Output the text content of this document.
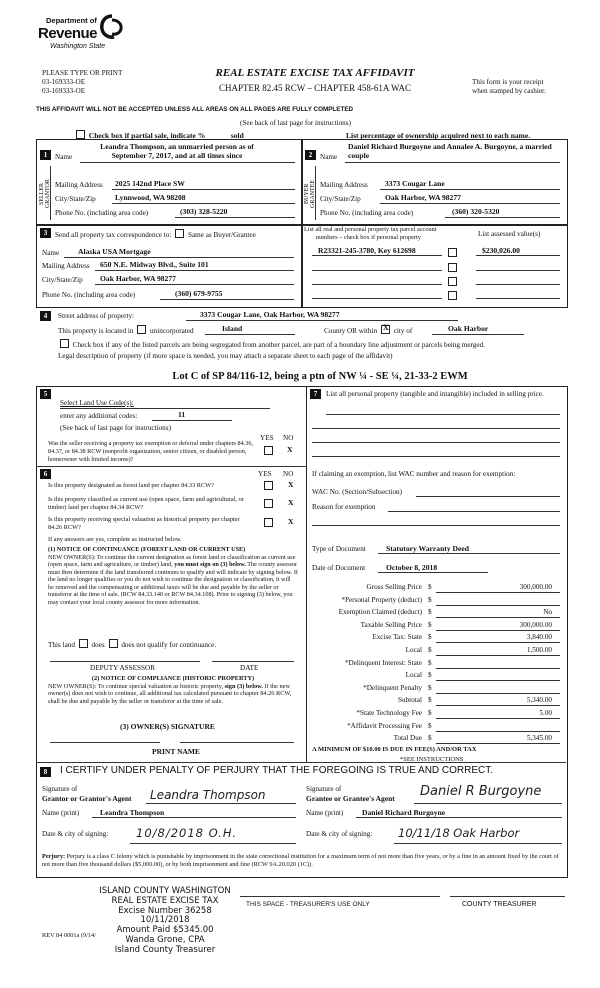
Department of
Revenue
Washington State
PLEASE TYPE OR PRINT
03-169333-OE
03-169333-OE
REAL ESTATE EXCISE TAX AFFIDAVIT
CHAPTER 82.45 RCW – CHAPTER 458-61A WAC
This form is your receipt
when stamped by cashier.
THIS AFFIDAVIT WILL NOT BE ACCEPTED UNLESS ALL AREAS ON ALL PAGES ARE FULLY COMPLETED
(See back of last page for instructions)
Check box if partial sale, indicate %	sold	List percentage of ownership acquired next to each name.
1	Name
Leandra Thompson, an unmarried person as of September 7, 2017, and at all times since
SELLER GRANTOR Mailing Address 2025 142nd Place SW
City/State/Zip	Lynnwood, WA 98208
Phone No. (including area code)	(303) 328-5220
2	Name
Daniel Richard Burgoyne and Annalee A. Burgoyne, a married couple
BUYER GRANTEE Mailing Address 3373 Cougar Lane
City/State/Zip	Oak Harbor, WA 98277
Phone No. (including area code)	(360) 320-5320
3	Send all property tax correspondence to: Same as Buyer/Grantee
Name Alaska USA Mortgage
Mailing Address 650 N.E. Midway Blvd., Suite 101
City/State/Zip Oak Harbor, WA 98277
Phone No. (including area code)	(360) 679-9755
List all real and personal property tax parcel account
numbers – check box if personal property	List assessed value(s)
R23321-245-3780, Key 612698	$230,026.00
4	Street address of property:	3373 Cougar Lane, Oak Harbor, WA 98277
This property is located in unincorporated	Island	County OR within X city of	Oak Harbor
Check box if any of the listed parcels are being segregated from another parcel, are part of a boundary line adjustment or parcels being merged.
Legal description of property (if more space is needed, you may attach a separate sheet to each page of the affidavit)
Lot C of SP 84/116-12, being a ptn of NW ¼ - SE ¼, 21-33-2 EWM
5
Select Land Use Code(s):
enter any additional codes:	11
(See back of last page for instructions)
YES NO
Was the seller receiving a property tax exemption or deferral under chapters 84.36, 84.37, or 84.38 RCW (nonprofit organization, senior citizen, or disabled person, homeowner with limited income)?
X
6	YES NO
Is this property designated as forest land per chapter 84.33 RCW?	X
Is this property classified as current use (open space, farm and agricultural, or timber) land per chapter 84.34 RCW?
X
Is this property receiving special valuation as historical property per chapter 84.26 RCW?
X
If any answers are yes, complete as instructed below.
(1) NOTICE OF CONTINUANCE (FOREST LAND OR CURRENT USE)
NEW OWNER(S): To continue the current designation as forest land or classification as current use (open space, farm and agriculture, or timber) land, you must sign on (3) below. The county assessor must then determine if the land transferred continues to qualify and will indicate by signing below. If the land no longer qualifies or you do not wish to continue the designation or classification, it will be removed and the compensating or additional taxes will be due and payable by the seller or transferor at the time of sale. (RCW 84.33.140 or RCW 84.34.108). Prior to signing (3) below, you may contact your local county assessor for more information.
This land does does not qualify for continuance.
DEPUTY ASSESSOR	DATE
(2) NOTICE OF COMPLIANCE (HISTORIC PROPERTY)
NEW OWNER(S): To continue special valuation as historic property, sign (3) below. If the new owner(s) does not wish to continue, all additional tax calculated pursuant to chapter 84.26 RCW, shall be due and payable by the seller or transferor at the time of sale.
(3) OWNER(S) SIGNATURE
PRINT NAME
7	List all personal property (tangible and intangible) included in selling price.
If claiming an exemption, list WAC number and reason for exemption:
WAC No. (Section/Subsection)
Reason for exemption
Type of Document	Statutory Warranty Deed
Date of Document	October 8, 2018
Gross Selling Price $	300,000.00
*Personal Property (deduct) $
Exemption Claimed (deduct) $	No
Taxable Selling Price $	300,000.00
Excise Tax: State $	3,840.00
Local $	1,500.00
*Delinquent Interest: State $
Local $
*Delinquent Penalty $
Subtotal $	5,340.00
*State Technology Fee $	5.00
*Affidavit Processing Fee $
Total Due $	5,345.00
A MINIMUM OF $10.00 IS DUE IN FEE(S) AND/OR TAX
*SEE INSTRUCTIONS
8	I CERTIFY UNDER PENALTY OF PERJURY THAT THE FOREGOING IS TRUE AND CORRECT.
Signature of
Grantor or Grantor's Agent Leandra Thompson	Signature of
Grantee or Grantee's Agent Daniel R Burgoyne
Name (print)	Leandra Thompson	Name (print) Daniel Richard Burgoyne
Date & city of signing: 10/8/2018 O.H.	Date & city of signing: 10/11/18 Oak Harbor
Perjury: Perjury is a class C felony which is punishable by imprisonment in the state correctional institution for a maximum term of not more than five years, or by a fine in an amount fixed by the court of not more than five thousand dollars ($5,000.00), or by both imprisonment and fine (RCW 9A.20.020 (1C)).
ISLAND COUNTY WASHINGTON
REAL ESTATE EXCISE TAX
Excise Number 36258
10/11/2018
Amount Paid $5345.00
Wanda Grone, CPA
Island County Treasurer
REV 84 0001a (9/14/
THIS SPACE - TREASURER'S USE ONLY	COUNTY TREASURER
